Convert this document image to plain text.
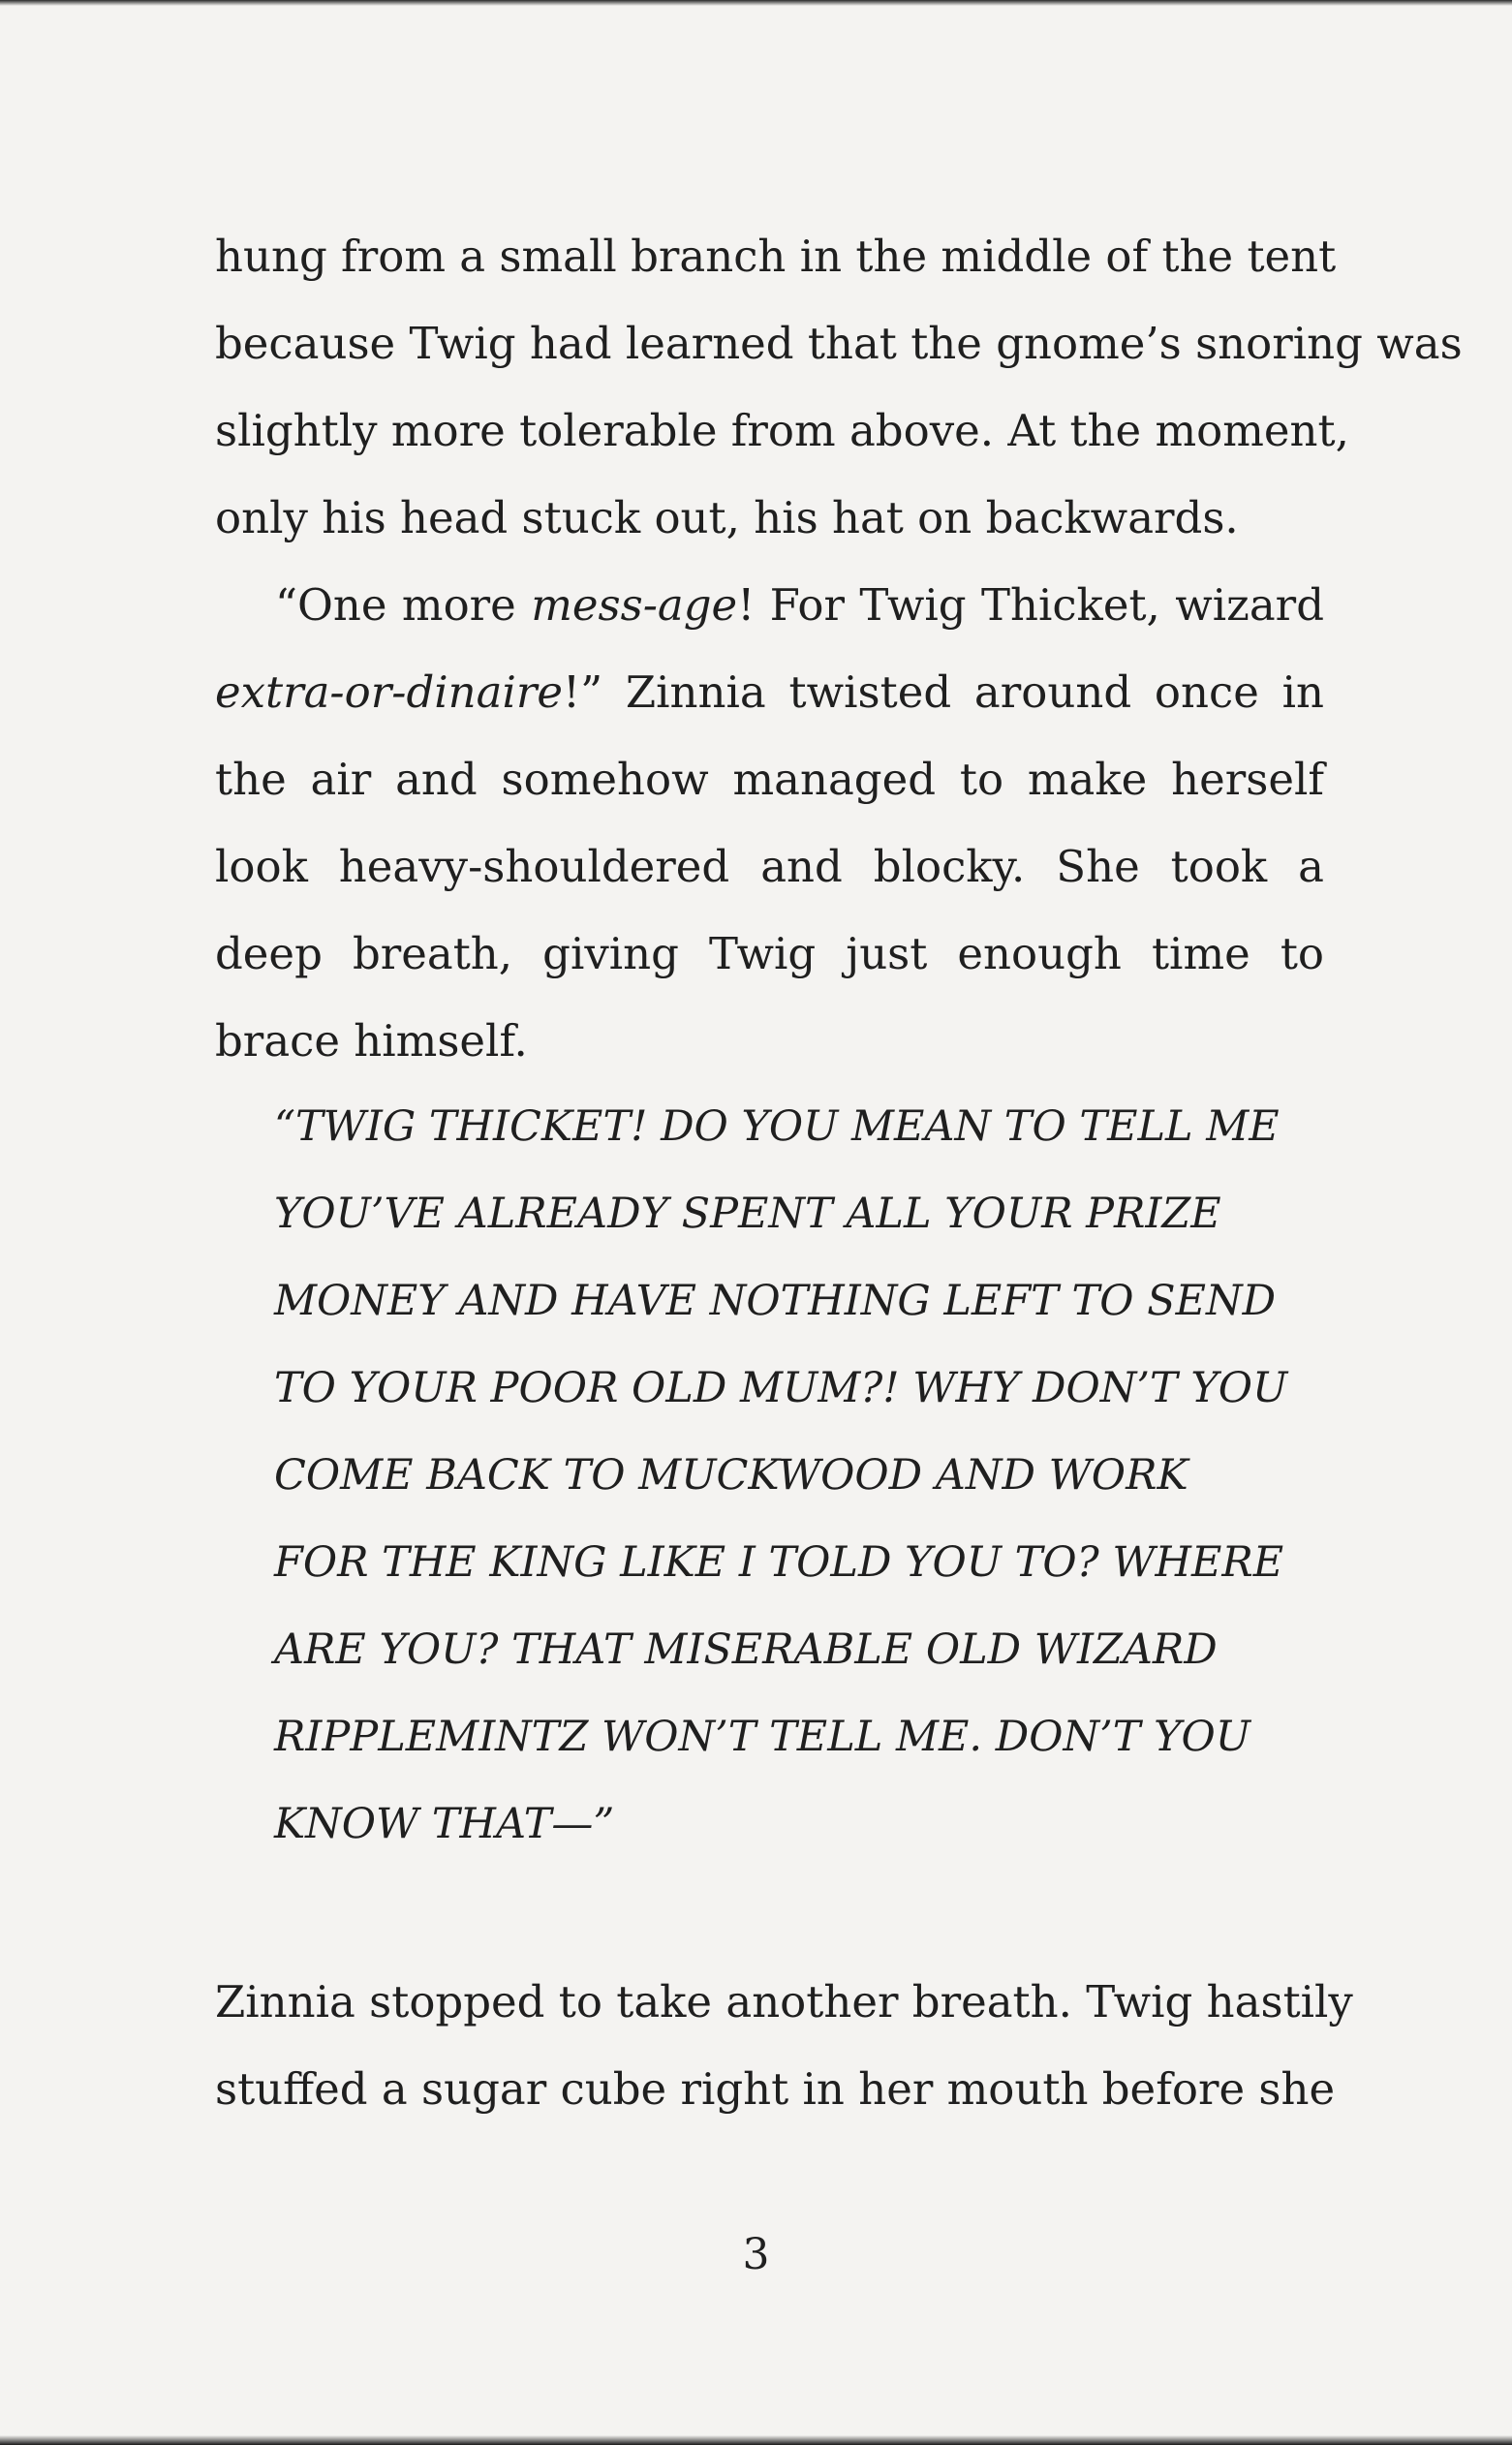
hung from a small branch in the middle of the tent
because Twig had learned that the gnome’s snoring was
slightly more tolerable from above. At the moment,
only his head stuck out, his hat on backwards.

“One more mess-age! For Twig Thicket, wizard extra-or-dinaire!” Zinnia twisted around once in the air and somehow managed to make herself look heavy-shouldered and blocky. She took a deep breath, giving Twig just enough time to brace himself.

“TWIG THICKET! DO YOU MEAN TO TELL ME
YOU’VE ALREADY SPENT ALL YOUR PRIZE
MONEY AND HAVE NOTHING LEFT TO SEND
TO YOUR POOR OLD MUM?! WHY DON’T YOU
COME BACK TO MUCKWOOD AND WORK
FOR THE KING LIKE I TOLD YOU TO? WHERE
ARE YOU? THAT MISERABLE OLD WIZARD
RIPPLEMINTZ WON’T TELL ME. DON’T YOU
KNOW THAT—”

Zinnia stopped to take another breath. Twig hastily
stuffed a sugar cube right in her mouth before she

3
